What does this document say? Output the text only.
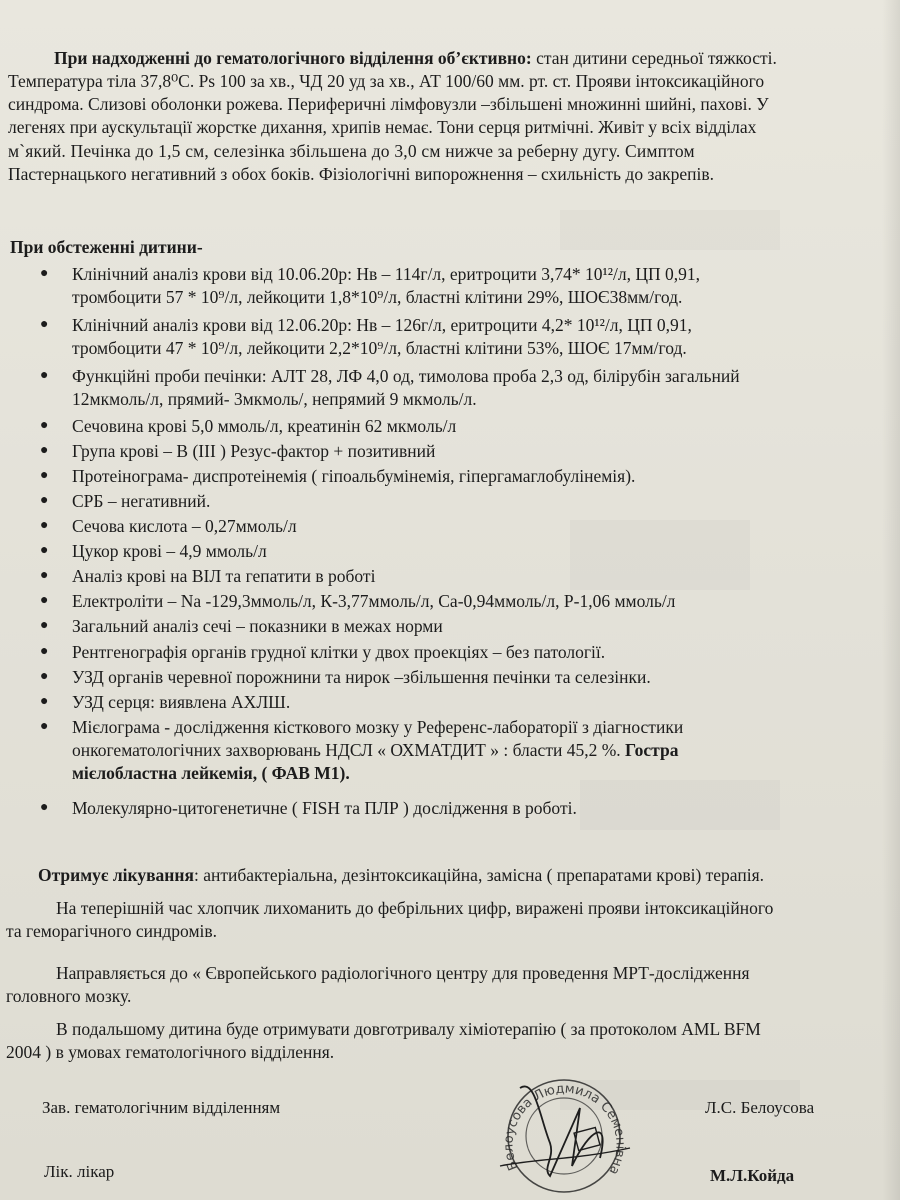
При надходженні до гематологічного відділення об’єктивно: стан дитини середньої тяжкості.
Температура тіла 37,8⁰С. Ps 100 за хв., ЧД 20 уд за хв., АТ 100/60 мм. рт. ст. Прояви інтоксикаційного
синдрома. Слизові оболонки рожева. Периферичні лімфовузли –збільшені множинні шийні, пахові. У
легенях при аускультації жорстке дихання, хрипів немає. Тони серця ритмічні. Живіт у всіх відділах
м`який. Печінка до 1,5 см, селезінка збільшена до 3,0 см нижче за реберну дугу. Симптом
Пастернацького негативний з обох боків. Фізіологічні випорожнення – схильність до закрепів.
При обстеженні дитини-
● Клінічний аналіз крови від 10.06.20р: Нв – 114г/л, еритроцити 3,74* 10¹²/л, ЦП 0,91,
тромбоцити 57 * 10⁹/л, лейкоцити 1,8*10⁹/л, бластні клітини 29%, ШОЄ38мм/год.
● Клінічний аналіз крови від 12.06.20р: Нв – 126г/л, еритроцити 4,2* 10¹²/л, ЦП 0,91,
тромбоцити 47 * 10⁹/л, лейкоцити 2,2*10⁹/л, бластні клітини 53%, ШОЄ 17мм/год.
● Функційні проби печінки: АЛТ 28, ЛФ 4,0 од, тимолова проба 2,3 од, білірубін загальний
12мкмоль/л, прямий- 3мкмоль/, непрямий 9 мкмоль/л.
● Сечовина крові 5,0 ммоль/л, креатинін 62 мкмоль/л
● Група крові – В (ІІІ ) Резус-фактор + позитивний
● Протеінограма- диспротеінемія ( гіпоальбумінемія, гіпергамаглобулінемія).
● СРБ – негативний.
● Сечова кислота – 0,27ммоль/л
● Цукор крові – 4,9 ммоль/л
● Аналіз крові на ВІЛ та гепатити в роботі
● Електроліти – Na -129,3ммоль/л, К-3,77ммоль/л, Са-0,94ммоль/л, Р-1,06 ммоль/л
● Загальний аналіз сечі – показники в межах норми
● Рентгенографія органів грудної клітки у двох проекціях – без патології.
● УЗД органів черевної порожнини та нирок –збільшення печінки та селезінки.
● УЗД серця: виявлена АХЛШ.
● Мієлограма - дослідження кісткового мозку у Референс-лабораторії з діагностики
онкогематологічних захворювань НДСЛ « ОХМАТДИТ » : бласти 45,2 %. Гостра
мієлобластна лейкемія, ( ФАВ М1).
● Молекулярно-цитогенетичне ( FISH та ПЛР ) дослідження в роботі.
Отримує лікування: антибактеріальна, дезінтоксикаційна, замісна ( препаратами крові) терапія.
На теперішній час хлопчик лихоманить до фебрільних цифр, виражені прояви інтоксикаційного
та геморагічного синдромів.
Направляється до « Європейського радіологічного центру для проведення МРТ-дослідження
головного мозку.
В подальшому дитина буде отримувати довготривалу хіміотерапію ( за протоколом AML BFM
2004 ) в умовах гематологічного відділення.
Зав. гематологічним відділенням	Л.С. Белоусова
Лік. лікар	М.Л.Койда
Белоусова Людмила Семенівна
